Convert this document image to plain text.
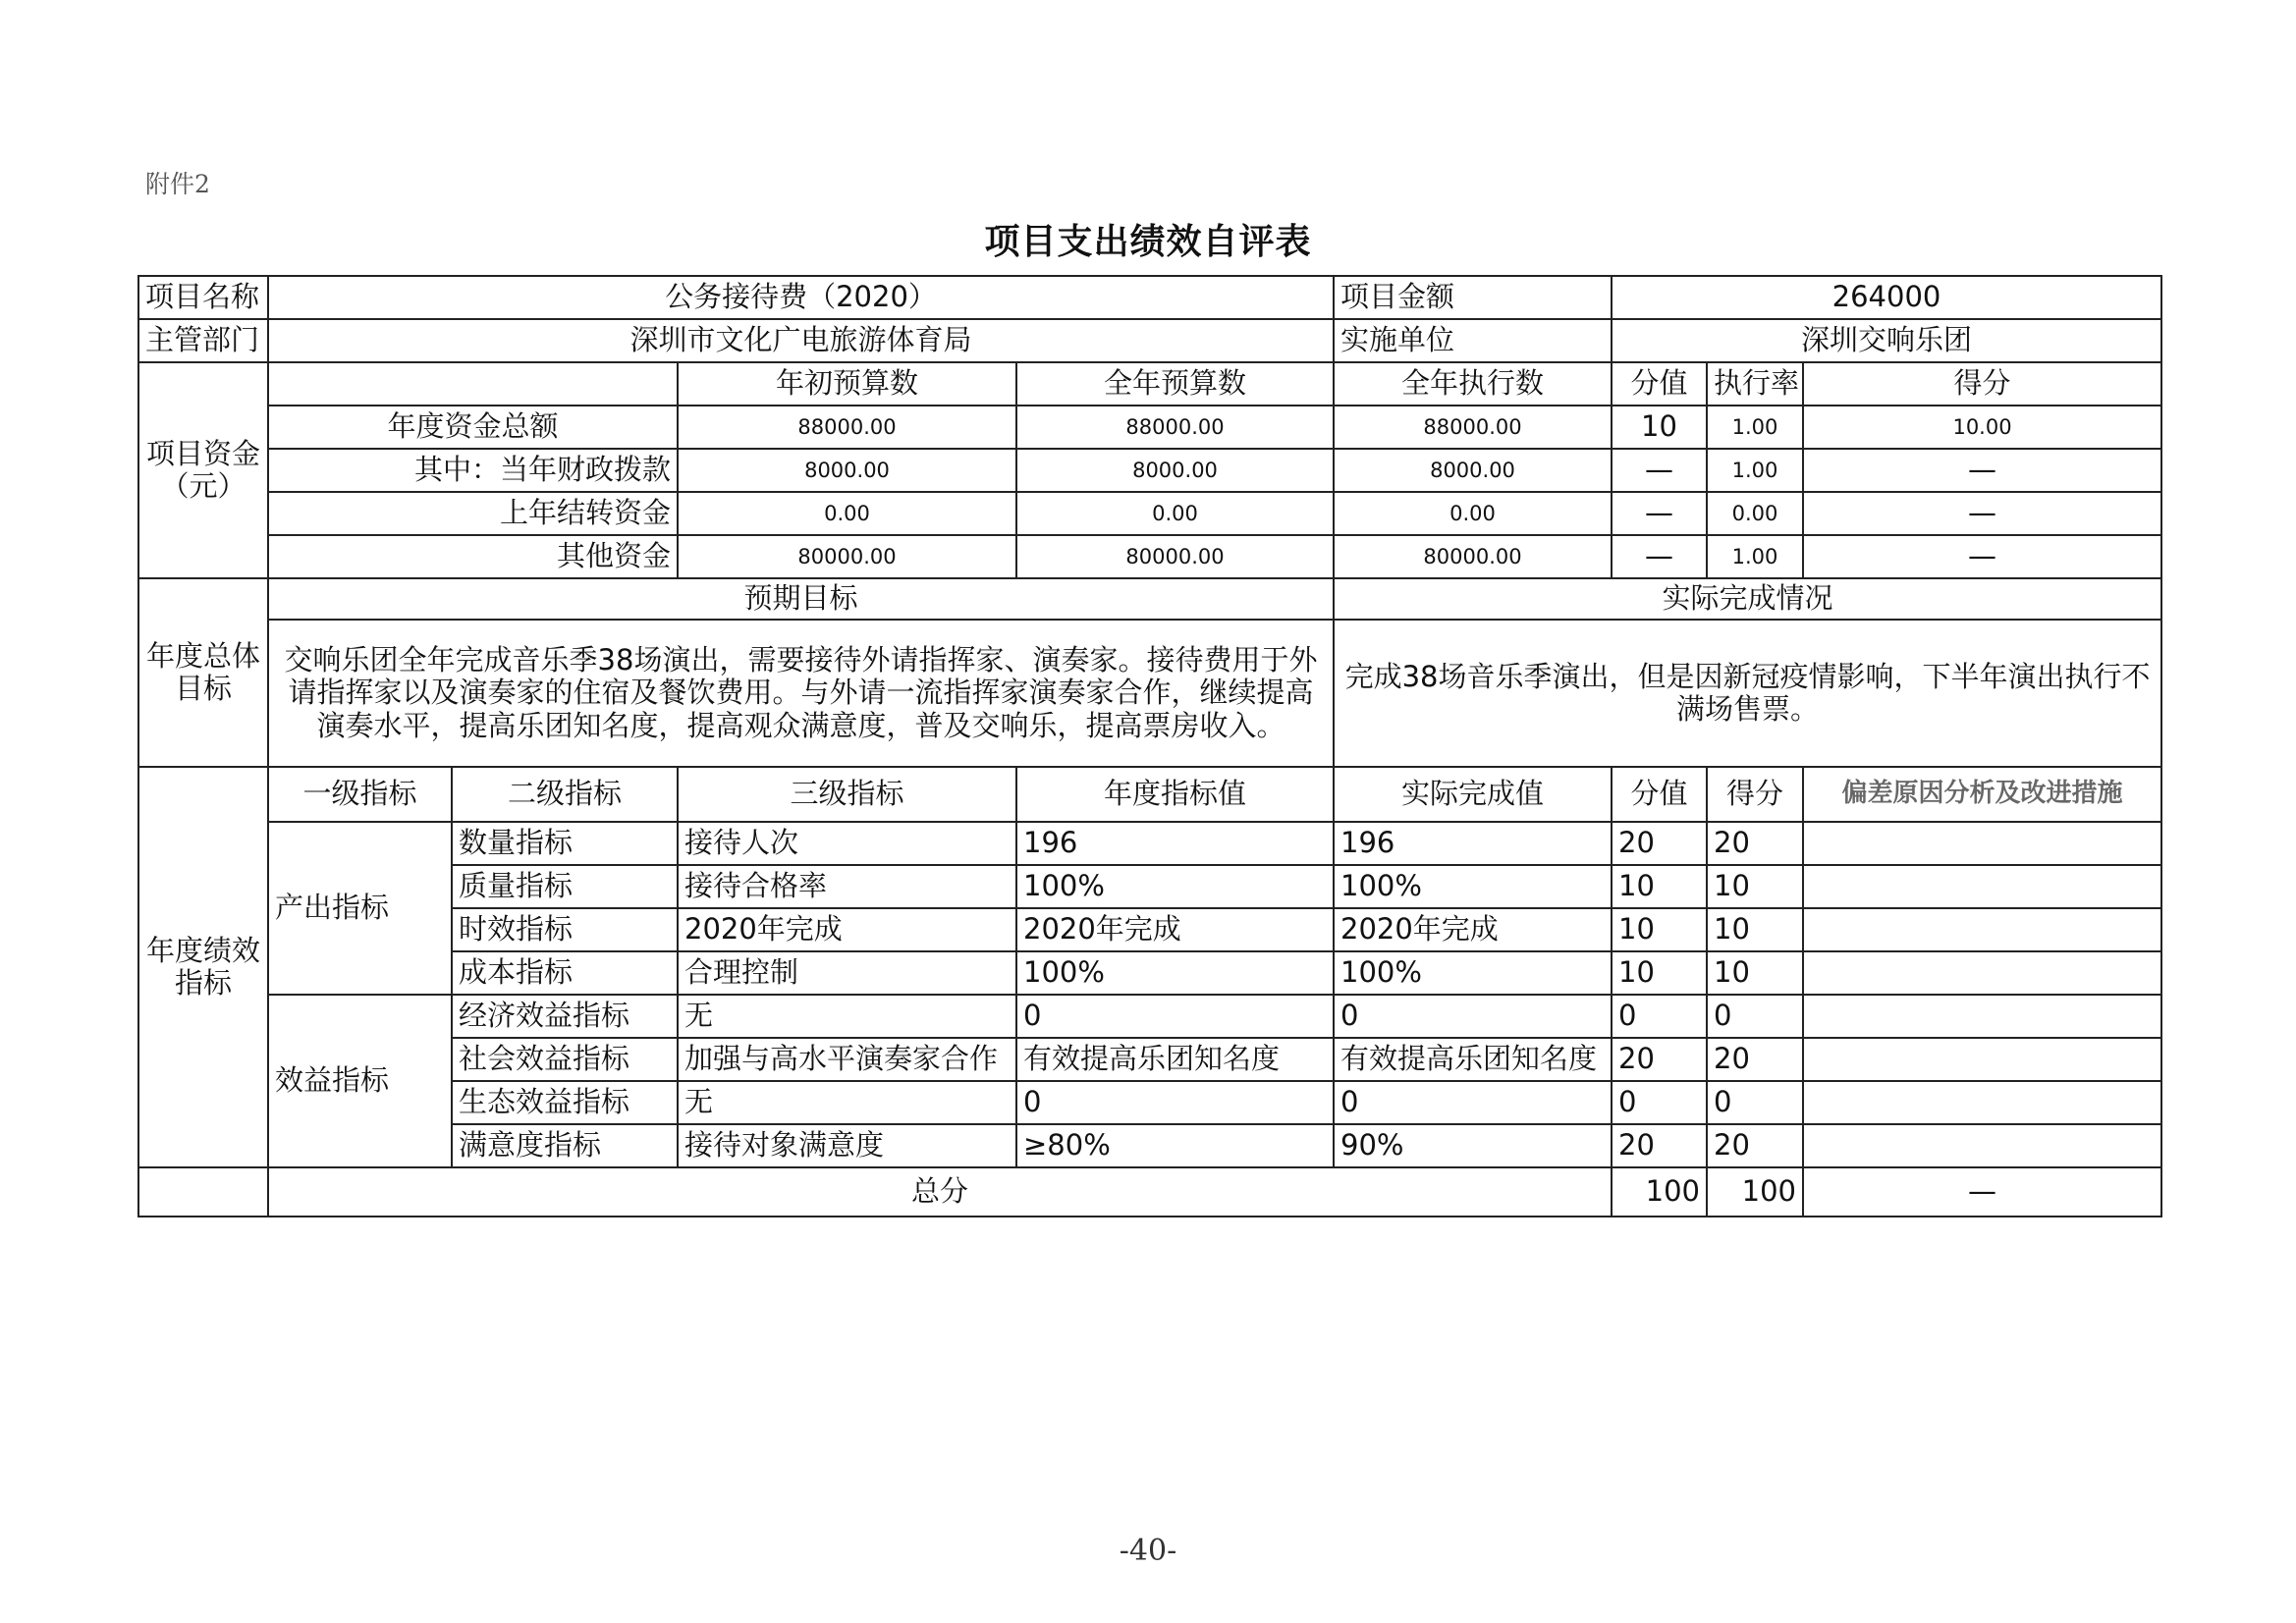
附件2
项目支出绩效自评表
项目名称	公务接待费（2020）				项目金额	264000		
主管部门	深圳市文化广电旅游体育局				实施单位	深圳交响乐团		
项目资金（元）			年初预算数	全年预算数	全年执行数	分值	执行率	得分
	年度资金总额		88000.00	88000.00	88000.00	10	1.00	10.00
	其中：当年财政拨款		8000.00	8000.00	8000.00	—	1.00	—
	上年结转资金		0.00	0.00	0.00	—	0.00	—
	其他资金		80000.00	80000.00	80000.00	—	1.00	—
年度总体目标	预期目标				实际完成情况			
	交响乐团全年完成音乐季38场演出，需要接待外请指挥家、演奏家。接待费用于外请指挥家以及演奏家的住宿及餐饮费用。与外请一流指挥家演奏家合作，继续提高演奏水平，提高乐团知名度，提高观众满意度，普及交响乐，提高票房收入。				完成38场音乐季演出，但是因新冠疫情影响，下半年演出执行不满场售票。			
年度绩效指标	一级指标	二级指标	三级指标	年度指标值	实际完成值	分值	得分	偏差原因分析及改进措施
	产出指标	数量指标	接待人次	196	196	20	20	
		质量指标	接待合格率	100%	100%	10	10	
		时效指标	2020年完成	2020年完成	2020年完成	10	10	
		成本指标	合理控制	100%	100%	10	10	
	效益指标	经济效益指标	无	0	0	0	0	
		社会效益指标	加强与高水平演奏家合作	有效提高乐团知名度	有效提高乐团知名度	20	20	
		生态效益指标	无	0	0	0	0	
		满意度指标	接待对象满意度	≥80%	90%	20	20	
	总分					100	100	—
-40-
